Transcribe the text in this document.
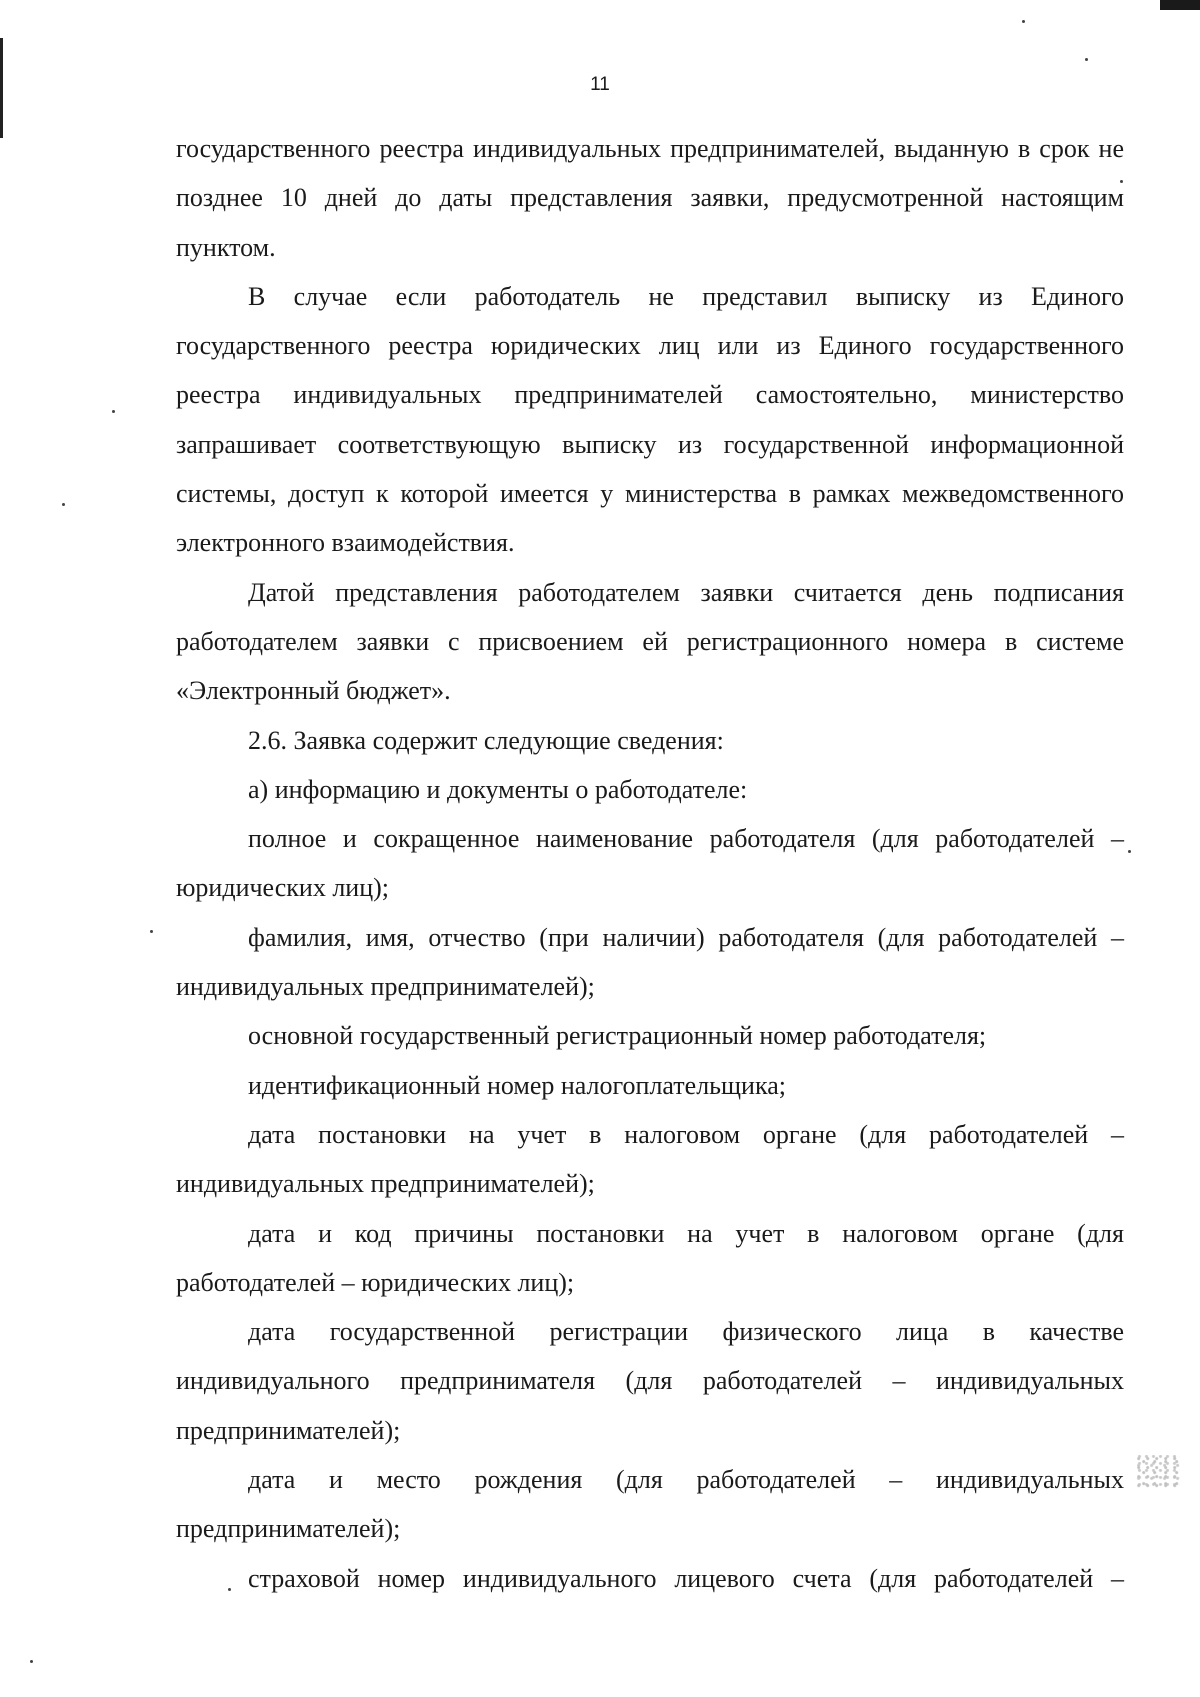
11

государственного реестра индивидуальных предпринимателей, выданную в срок не позднее 10 дней до даты представления заявки, предусмотренной настоящим пунктом.

В случае если работодатель не представил выписку из Единого государственного реестра юридических лиц или из Единого государственного реестра индивидуальных предпринимателей самостоятельно, министерство запрашивает соответствующую выписку из государственной информационной системы, доступ к которой имеется у министерства в рамках межведомственного электронного взаимодействия.

Датой представления работодателем заявки считается день подписания работодателем заявки с присвоением ей регистрационного номера в системе «Электронный бюджет».

2.6. Заявка содержит следующие сведения:

а) информацию и документы о работодателе:

полное и сокращенное наименование работодателя (для работодателей – юридических лиц);

фамилия, имя, отчество (при наличии) работодателя (для работодателей – индивидуальных предпринимателей);

основной государственный регистрационный номер работодателя;

идентификационный номер налогоплательщика;

дата постановки на учет в налоговом органе (для работодателей – индивидуальных предпринимателей);

дата и код причины постановки на учет в налоговом органе (для работодателей – юридических лиц);

дата государственной регистрации физического лица в качестве индивидуального предпринимателя (для работодателей – индивидуальных предпринимателей);

дата и место рождения (для работодателей – индивидуальных предпринимателей);

страховой номер индивидуального лицевого счета (для работодателей –
